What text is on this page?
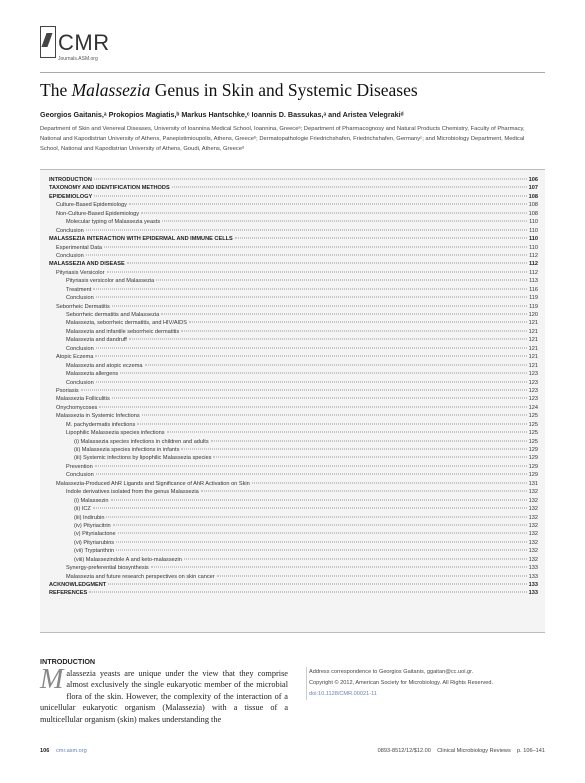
CMR
Journals.ASM.org
The Malassezia Genus in Skin and Systemic Diseases
Georgios Gaitanis,ᵃ Prokopios Magiatis,ᵇ Markus Hantschke,ᶜ Ioannis D. Bassukas,ᵃ and Aristea Velegrakiᵈ
Department of Skin and Venereal Diseases, University of Ioannina Medical School, Ioannina, Greeceᵃ; Department of Pharmacognosy and Natural Products Chemistry, Faculty of Pharmacy, National and Kapodistrian University of Athens, Panepistimioupolis, Athens, Greeceᵇ; Dermatopathologie Friedrichshafen, Friedrichshafen, Germanyᶜ; and Microbiology Department, Medical School, National and Kapodistrian University of Athens, Goudi, Athens, Greeceᵈ
INTRODUCTION	106
TAXONOMY AND IDENTIFICATION METHODS	107
EPIDEMIOLOGY	108
Culture-Based Epidemiology	108
Non-Culture-Based Epidemiology	108
Molecular typing of Malassezia yeasts	110
Conclusion	110
MALASSEZIA INTERACTION WITH EPIDERMAL AND IMMUNE CELLS	110
Experimental Data	110
Conclusion	112
MALASSEZIA AND DISEASE	112
Pityriasis Versicolor	112
Pityriasis versicolor and Malassezia	113
Treatment	116
Conclusion	119
Seborrheic Dermatitis	119
Seborrheic dermatitis and Malassezia	120
Malassezia, seborrheic dermatitis, and HIV/AIDS	121
Malassezia and infantile seborrheic dermatitis	121
Malassezia and dandruff	121
Conclusion	121
Atopic Eczema	121
Malassezia and atopic eczema	121
Malassezia allergens	123
Conclusion	123
Psoriasis	123
Malassezia Folliculitis	123
Onychomycoses	124
Malassezia in Systemic Infections	125
M. pachydermatis infections	125
Lipophilic Malassezia species infections	125
(i) Malassezia species infections in children and adults	125
(ii) Malassezia species infections in infants	129
(iii) Systemic infections by lipophilic Malassezia species	129
Prevention	129
Conclusion	129
Malassezia-Produced AhR Ligands and Significance of AhR Activation on Skin	131
Indole derivatives isolated from the genus Malassezia	132
(i) Malassezin	132
(ii) ICZ	132
(iii) Indirubin	132
(iv) Pityriacitrin	132
(v) Pityrialactone	132
(vi) Pityriarubins	132
(vii) Tryptanthrin	132
(viii) Malassezindole A and keto-malassezin	132
Synergy-preferential biosynthesis	133
Malassezia and future research perspectives on skin cancer	133
ACKNOWLEDGMENT	133
REFERENCES	133
INTRODUCTION
Malassezia yeasts are unique under the view that they comprise almost exclusively the single eukaryotic member of the microbial flora of the skin. However, the complexity of the interaction of a unicellular eukaryotic organism (Malassezia) with a tissue of a multicellular organism (skin) makes understanding the
Address correspondence to Georgios Gaitanis, ggaitan@cc.uoi.gr.
Copyright © 2012, American Society for Microbiology. All Rights Reserved.
doi:10.1128/CMR.00021-11
106 cmr.asm.org	0893-8512/12/$12.00 Clinical Microbiology Reviews p. 106–141
